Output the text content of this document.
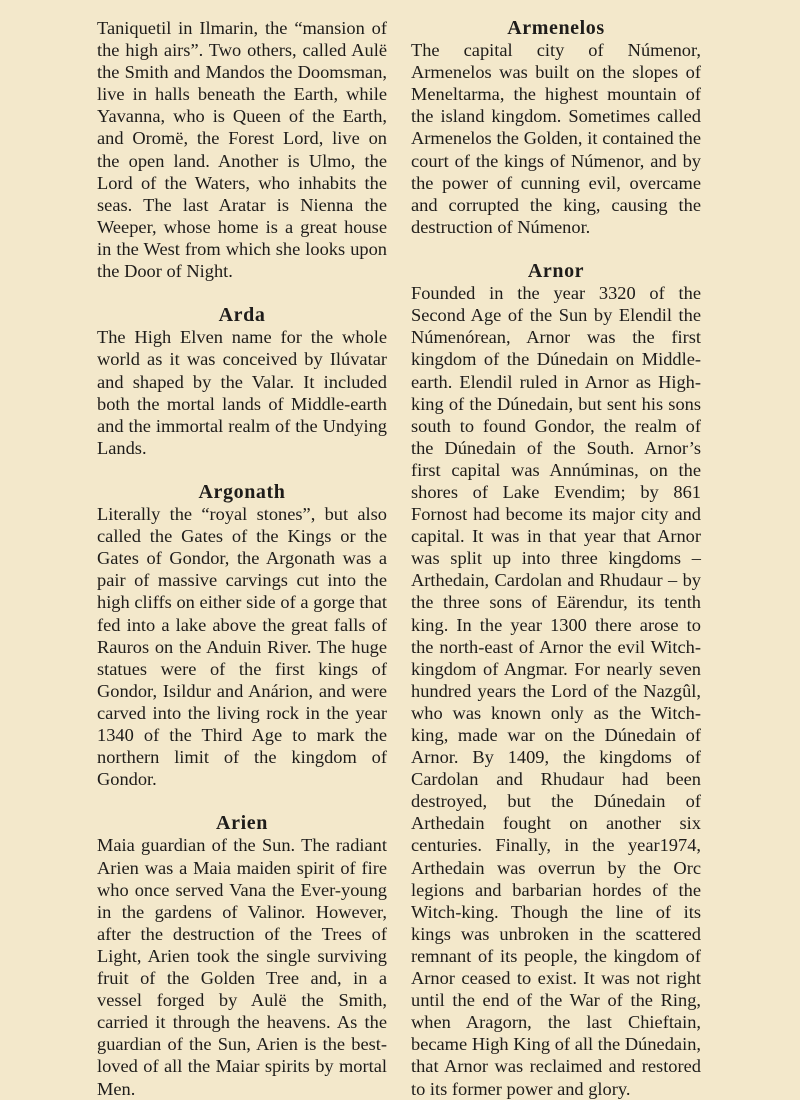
Taniquetil in Ilmarin, the “mansion of the high airs”. Two others, called Aulë the Smith and Mandos the Doomsman, live in halls beneath the Earth, while Yavanna, who is Queen of the Earth, and Oromë, the Forest Lord, live on the open land. Another is Ulmo, the Lord of the Waters, who inhabits the seas. The last Aratar is Nienna the Weeper, whose home is a great house in the West from which she looks upon the Door of Night.

Arda

The High Elven name for the whole world as it was conceived by Ilúvatar and shaped by the Valar. It included both the mortal lands of Middle-earth and the immortal realm of the Undying Lands.

Argonath

Literally the “royal stones”, but also called the Gates of the Kings or the Gates of Gondor, the Argonath was a pair of massive carvings cut into the high cliffs on either side of a gorge that fed into a lake above the great falls of Rauros on the Anduin River. The huge statues were of the first kings of Gondor, Isildur and Anárion, and were carved into the living rock in the year 1340 of the Third Age to mark the northern limit of the kingdom of Gondor.

Arien

Maia guardian of the Sun. The radiant Arien was a Maia maiden spirit of fire who once served Vana the Ever-young in the gardens of Valinor. However, after the destruction of the Trees of Light, Arien took the single surviving fruit of the Golden Tree and, in a vessel forged by Aulë the Smith, carried it through the heavens. As the guardian of the Sun, Arien is the best-loved of all the Maiar spirits by mortal Men.

Armenelos

The capital city of Númenor, Armenelos was built on the slopes of Meneltarma, the highest mountain of the island kingdom. Sometimes called Armenelos the Golden, it contained the court of the kings of Númenor, and by the power of cunning evil, overcame and corrupted the king, causing the destruction of Númenor.

Arnor

Founded in the year 3320 of the Second Age of the Sun by Elendil the Númenórean, Arnor was the first kingdom of the Dúnedain on Middle-earth. Elendil ruled in Arnor as High-king of the Dúnedain, but sent his sons south to found Gondor, the realm of the Dúnedain of the South. Arnor’s first capital was Annúminas, on the shores of Lake Evendim; by 861 Fornost had become its major city and capital. It was in that year that Arnor was split up into three kingdoms – Arthedain, Cardolan and Rhudaur – by the three sons of Eärendur, its tenth king. In the year 1300 there arose to the north-east of Arnor the evil Witch-kingdom of Angmar. For nearly seven hundred years the Lord of the Nazgûl, who was known only as the Witch-king, made war on the Dúnedain of Arnor. By 1409, the kingdoms of Cardolan and Rhudaur had been destroyed, but the Dúnedain of Arthedain fought on another six centuries. Finally, in the year1974, Arthedain was overrun by the Orc legions and barbarian hordes of the Witch-king. Though the line of its kings was unbroken in the scattered remnant of its people, the kingdom of Arnor ceased to exist. It was not right until the end of the War of the Ring, when Aragorn, the last Chieftain, became High King of all the Dúnedain, that Arnor was reclaimed and restored to its former power and glory.
